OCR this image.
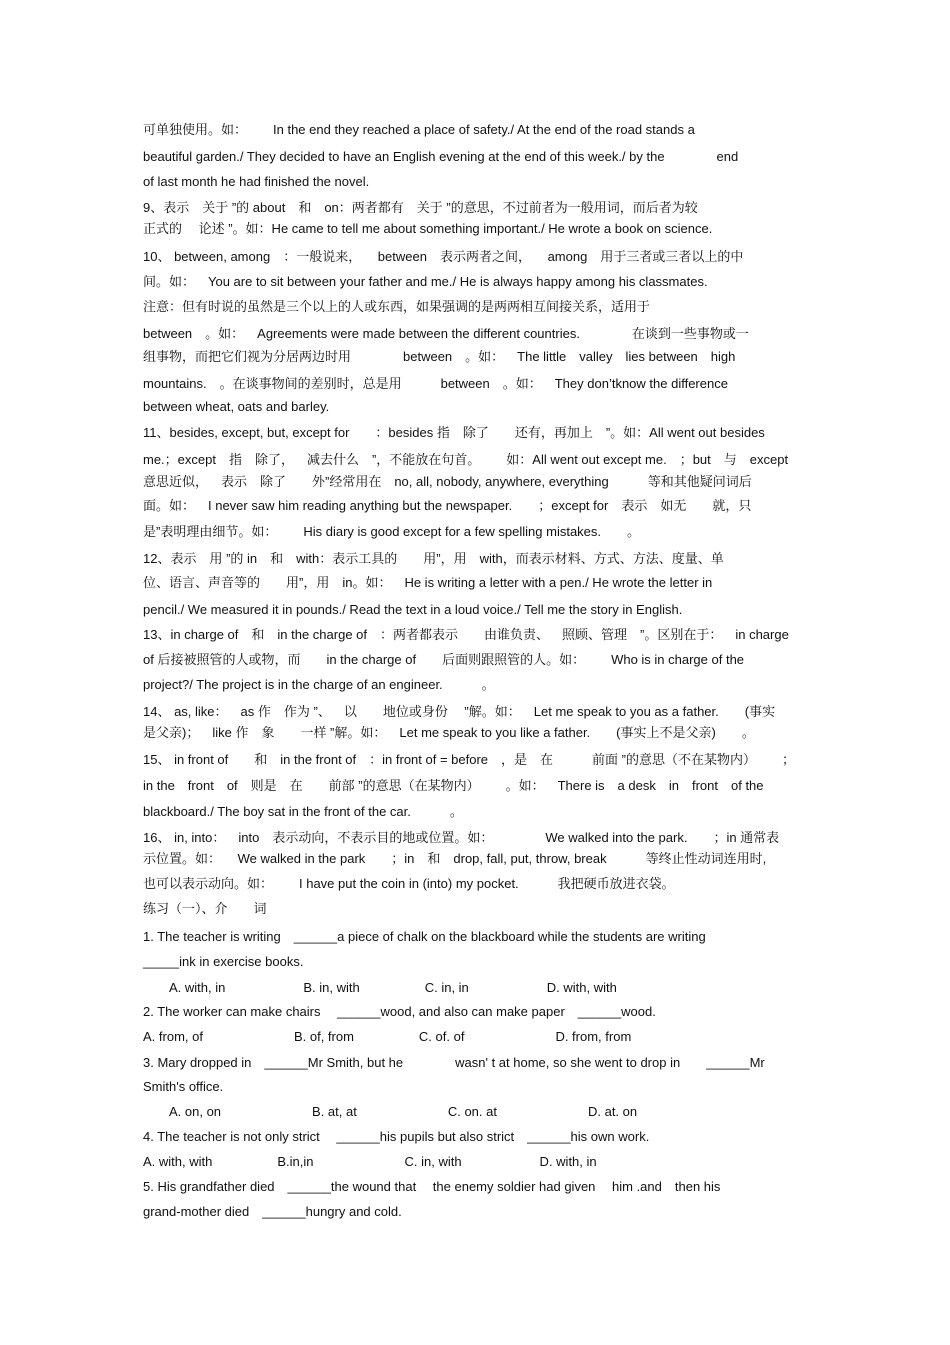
可单独使用。如：  In the end they reached a place of safety./ At the end of the road stands a
beautiful garden./ They decided to have an English evening at the end of this week./ by the    end
of last month he had finished the novel.
9、表示 关于 ”的 about 和 on：两者都有 关于 ”的意思，不过前者为一般用词，而后者为较
正式的  论述 ”。如：He came to tell me about something important./ He wrote a book on science.
10、 between, among ：一般说来，  between 表示两者之间，  among 用于三者或三者以上的中
间。如： You are to sit between your father and me./ He is always happy among his classmates.
注意：但有时说的虽然是三个以上的人或东西，如果强调的是两两相互间接关系，适用于
between 。如： Agreements were made between the different countries.    在谈到一些事物或一
组事物，而把它们视为分居两边时用    between 。如： The little valley lies between high
mountains. 。在谈事物间的差别时，总是用   between 。如： They don’tknow the difference
between wheat, oats and barley.
11、besides, except, but, except for  ：besides 指 除了  还有，再加上 ”。如：All went out besides
me.；except 指 除了， 减去什么 ”，不能放在句首。  如：All went out except me. ；but 与 except
意思近似， 表示 除了  外”经常用在 no, all, nobody, anywhere, everything   等和其他疑问词后
面。如： I never saw him reading anything but the newspaper.  ；except for 表示 如无  就，只
是”表明理由细节。如：  His diary is good except for a few spelling mistakes.  。
12、表示 用 ”的 in 和 with：表示工具的  用”，用 with，而表示材料、方式、方法、度量、单
位、语言、声音等的  用”，用 in。如： He is writing a letter with a pen./ He wrote the letter in
pencil./ We measured it in pounds./ Read the text in a loud voice./ Tell me the story in English.
13、in charge of 和 in the charge of ：两者都表示  由谁负责、 照顾、管理 ”。区别在于： in charge
of 后接被照管的人或物，而  in the charge of  后面则跟照管的人。如：  Who is in charge of the
project?/ The project is in the charge of an engineer.   。
14、 as, like： as 作 作为 ”、 以  地位或身份  ”解。如： Let me speak to you as a father.  (事实
是父亲)； like 作 象  一样 ”解。如： Let me speak to you like a father.  (事实上不是父亲)  。
15、 in front of  和 in the front of ：in front of = before ，是 在   前面 ”的意思（不在某物内）  ；
in the front of 则是 在  前部 ”的意思（在某物内）  。如： There is a desk in front of the
blackboard./ The boy sat in the front of the car.   。
16、 in, into： into 表示动向，不表示目的地或位置。如：    We walked into the park.  ；in 通常表
示位置。如：  We walked in the park  ；in 和 drop, fall, put, throw, break   等终止性动词连用时,
也可以表示动向。如：  I have put the coin in (into) my pocket.   我把硬币放进衣袋。
练习（一）、介  词
1. The teacher is writing ______a piece of chalk on the blackboard while the students are writing
_____ink in exercise books.
  A. with, in      B. in, with     C. in, in      D. with, with
2. The worker can make chairs  ______wood, and also can make paper ______wood.
A. from, of       B. of, from     C. of. of       D. from, from
3. Mary dropped in ______Mr Smith, but he    wasn' t at home, so she went to drop in  ______Mr
Smith's office.
  A. on, on       B. at, at       C. on. at       D. at. on
4. The teacher is not only strict  ______his pupils but also strict ______his own work.
A. with, with     B.in,in       C. in, with      D. with, in
5. His grandfather died ______the wound that  the enemy soldier had given  him .and then his
grand-mother died ______hungry and cold.
